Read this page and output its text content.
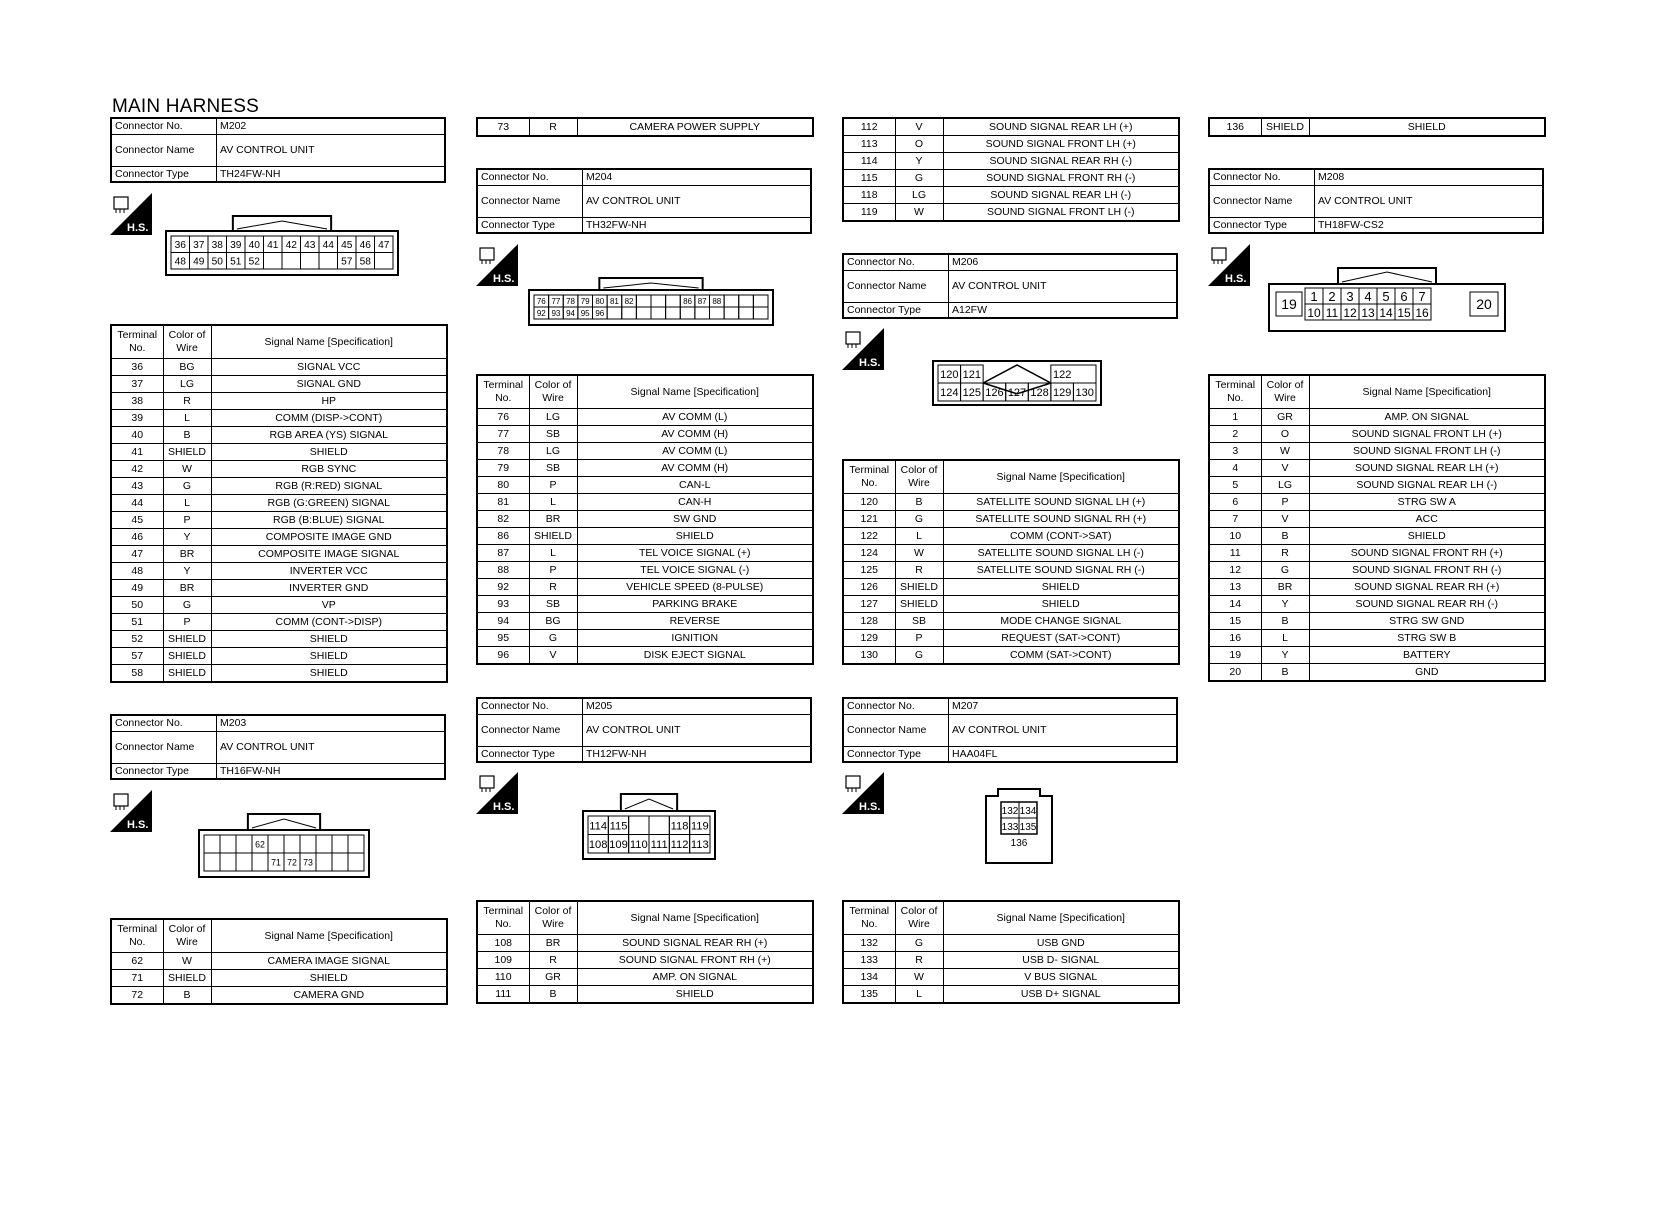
MAIN HARNESS
Connector No.	M202
Connector Name	AV CONTROL UNIT
Connector Type	TH24FW-NH
H.S.
36 37 38 39 40 41 42 43 44 45 46 47
48 49 50 51 52	57 58
Terminal No.	Color of Wire	Signal Name [Specification]
36	BG	SIGNAL VCC
37	LG	SIGNAL GND
38	R	HP
39	L	COMM (DISP->CONT)
40	B	RGB AREA (YS) SIGNAL
41	SHIELD	SHIELD
42	W	RGB SYNC
43	G	RGB (R:RED) SIGNAL
44	L	RGB (G:GREEN) SIGNAL
45	P	RGB (B:BLUE) SIGNAL
46	Y	COMPOSITE IMAGE GND
47	BR	COMPOSITE IMAGE SIGNAL
48	Y	INVERTER VCC
49	BR	INVERTER GND
50	G	VP
51	P	COMM (CONT->DISP)
52	SHIELD	SHIELD
57	SHIELD	SHIELD
58	SHIELD	SHIELD
Connector No.	M203
Connector Name	AV CONTROL UNIT
Connector Type	TH16FW-NH
H.S.
62
71 72 73
Terminal No.	Color of Wire	Signal Name [Specification]
62	W	CAMERA IMAGE SIGNAL
71	SHIELD	SHIELD
72	B	CAMERA GND
73	R	CAMERA POWER SUPPLY
Connector No.	M204
Connector Name	AV CONTROL UNIT
Connector Type	TH32FW-NH
H.S.
76 77 78 79 80 81 82	86 87 88
92 93 94 95 96
Terminal No.	Color of Wire	Signal Name [Specification]
76	LG	AV COMM (L)
77	SB	AV COMM (H)
78	LG	AV COMM (L)
79	SB	AV COMM (H)
80	P	CAN-L
81	L	CAN-H
82	BR	SW GND
86	SHIELD	SHIELD
87	L	TEL VOICE SIGNAL (+)
88	P	TEL VOICE SIGNAL (-)
92	R	VEHICLE SPEED (8-PULSE)
93	SB	PARKING BRAKE
94	BG	REVERSE
95	G	IGNITION
96	V	DISK EJECT SIGNAL
Connector No.	M205
Connector Name	AV CONTROL UNIT
Connector Type	TH12FW-NH
H.S.
114 115	118 119
108 109 110 111 112 113
Terminal No.	Color of Wire	Signal Name [Specification]
108	BR	SOUND SIGNAL REAR RH (+)
109	R	SOUND SIGNAL FRONT RH (+)
110	GR	AMP. ON SIGNAL
111	B	SHIELD
112	V	SOUND SIGNAL REAR LH (+)
113	O	SOUND SIGNAL FRONT LH (+)
114	Y	SOUND SIGNAL REAR RH (-)
115	G	SOUND SIGNAL FRONT RH (-)
118	LG	SOUND SIGNAL REAR LH (-)
119	W	SOUND SIGNAL FRONT LH (-)
Connector No.	M206
Connector Name	AV CONTROL UNIT
Connector Type	A12FW
H.S.
124 125 126 127 128 129 130
120 121	122
Terminal No.	Color of Wire	Signal Name [Specification]
120	B	SATELLITE SOUND SIGNAL LH (+)
121	G	SATELLITE SOUND SIGNAL RH (+)
122	L	COMM (CONT->SAT)
124	W	SATELLITE SOUND SIGNAL LH (-)
125	R	SATELLITE SOUND SIGNAL RH (-)
126	SHIELD	SHIELD
127	SHIELD	SHIELD
128	SB	MODE CHANGE SIGNAL
129	P	REQUEST (SAT->CONT)
130	G	COMM (SAT->CONT)
Connector No.	M207
Connector Name	AV CONTROL UNIT
Connector Type	HAA04FL
H.S.	132 134
133 135
136
Terminal No.	Color of Wire	Signal Name [Specification]
132	G	USB GND
133	R	USB D- SIGNAL
134	W	V BUS SIGNAL
135	L	USB D+ SIGNAL
136	SHIELD	SHIELD
Connector No.	M208
Connector Name	AV CONTROL UNIT
Connector Type	TH18FW-CS2
H.S.
1
10
2
11
3
12
4
13
5
14
6
15
7
16
19	20
Terminal No.	Color of Wire	Signal Name [Specification]
1	GR	AMP. ON SIGNAL
2	O	SOUND SIGNAL FRONT LH (+)
3	W	SOUND SIGNAL FRONT LH (-)
4	V	SOUND SIGNAL REAR LH (+)
5	LG	SOUND SIGNAL REAR LH (-)
6	P	STRG SW A
7	V	ACC
10	B	SHIELD
11	R	SOUND SIGNAL FRONT RH (+)
12	G	SOUND SIGNAL FRONT RH (-)
13	BR	SOUND SIGNAL REAR RH (+)
14	Y	SOUND SIGNAL REAR RH (-)
15	B	STRG SW GND
16	L	STRG SW B
19	Y	BATTERY
20	B	GND
